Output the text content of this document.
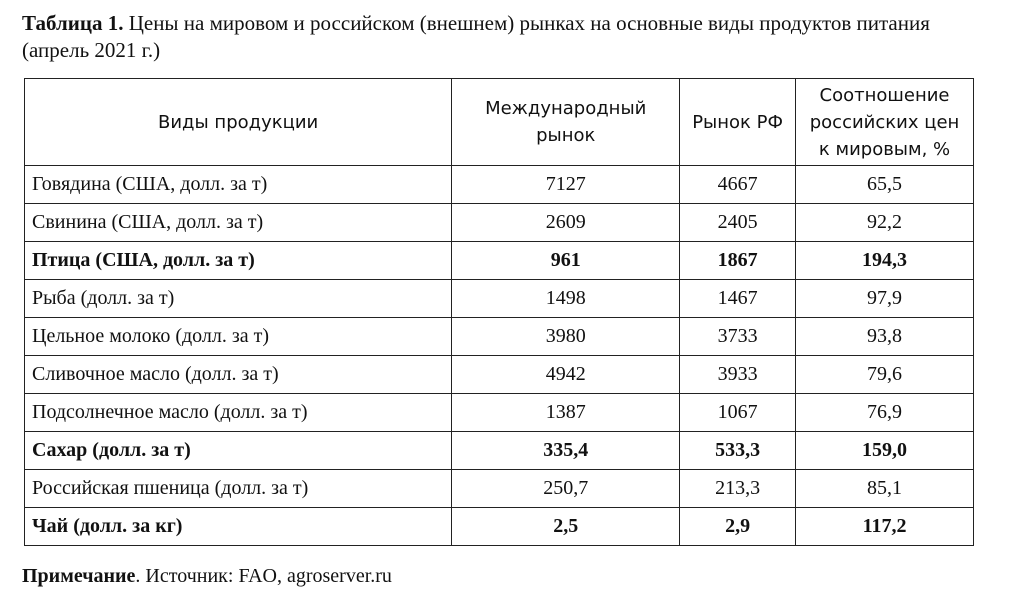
Таблица 1. Цены на мировом и российском (внешнем) рынках на основные виды продуктов питания (апрель 2021 г.)
Виды продукции	Международный рынок	Рынок РФ	Соотношение российских цен к мировым, %
Говядина (США, долл. за т)	7127	4667	65,5
Свинина (США, долл. за т)	2609	2405	92,2
Птица (США, долл. за т)	961	1867	194,3
Рыба (долл. за т)	1498	1467	97,9
Цельное молоко (долл. за т)	3980	3733	93,8
Сливочное масло (долл. за т)	4942	3933	79,6
Подсолнечное масло (долл. за т)	1387	1067	76,9
Сахар (долл. за т)	335,4	533,3	159,0
Российская пшеница (долл. за т)	250,7	213,3	85,1
Чай (долл. за кг)	2,5	2,9	117,2
Примечание. Источник: FAO, agroserver.ru
